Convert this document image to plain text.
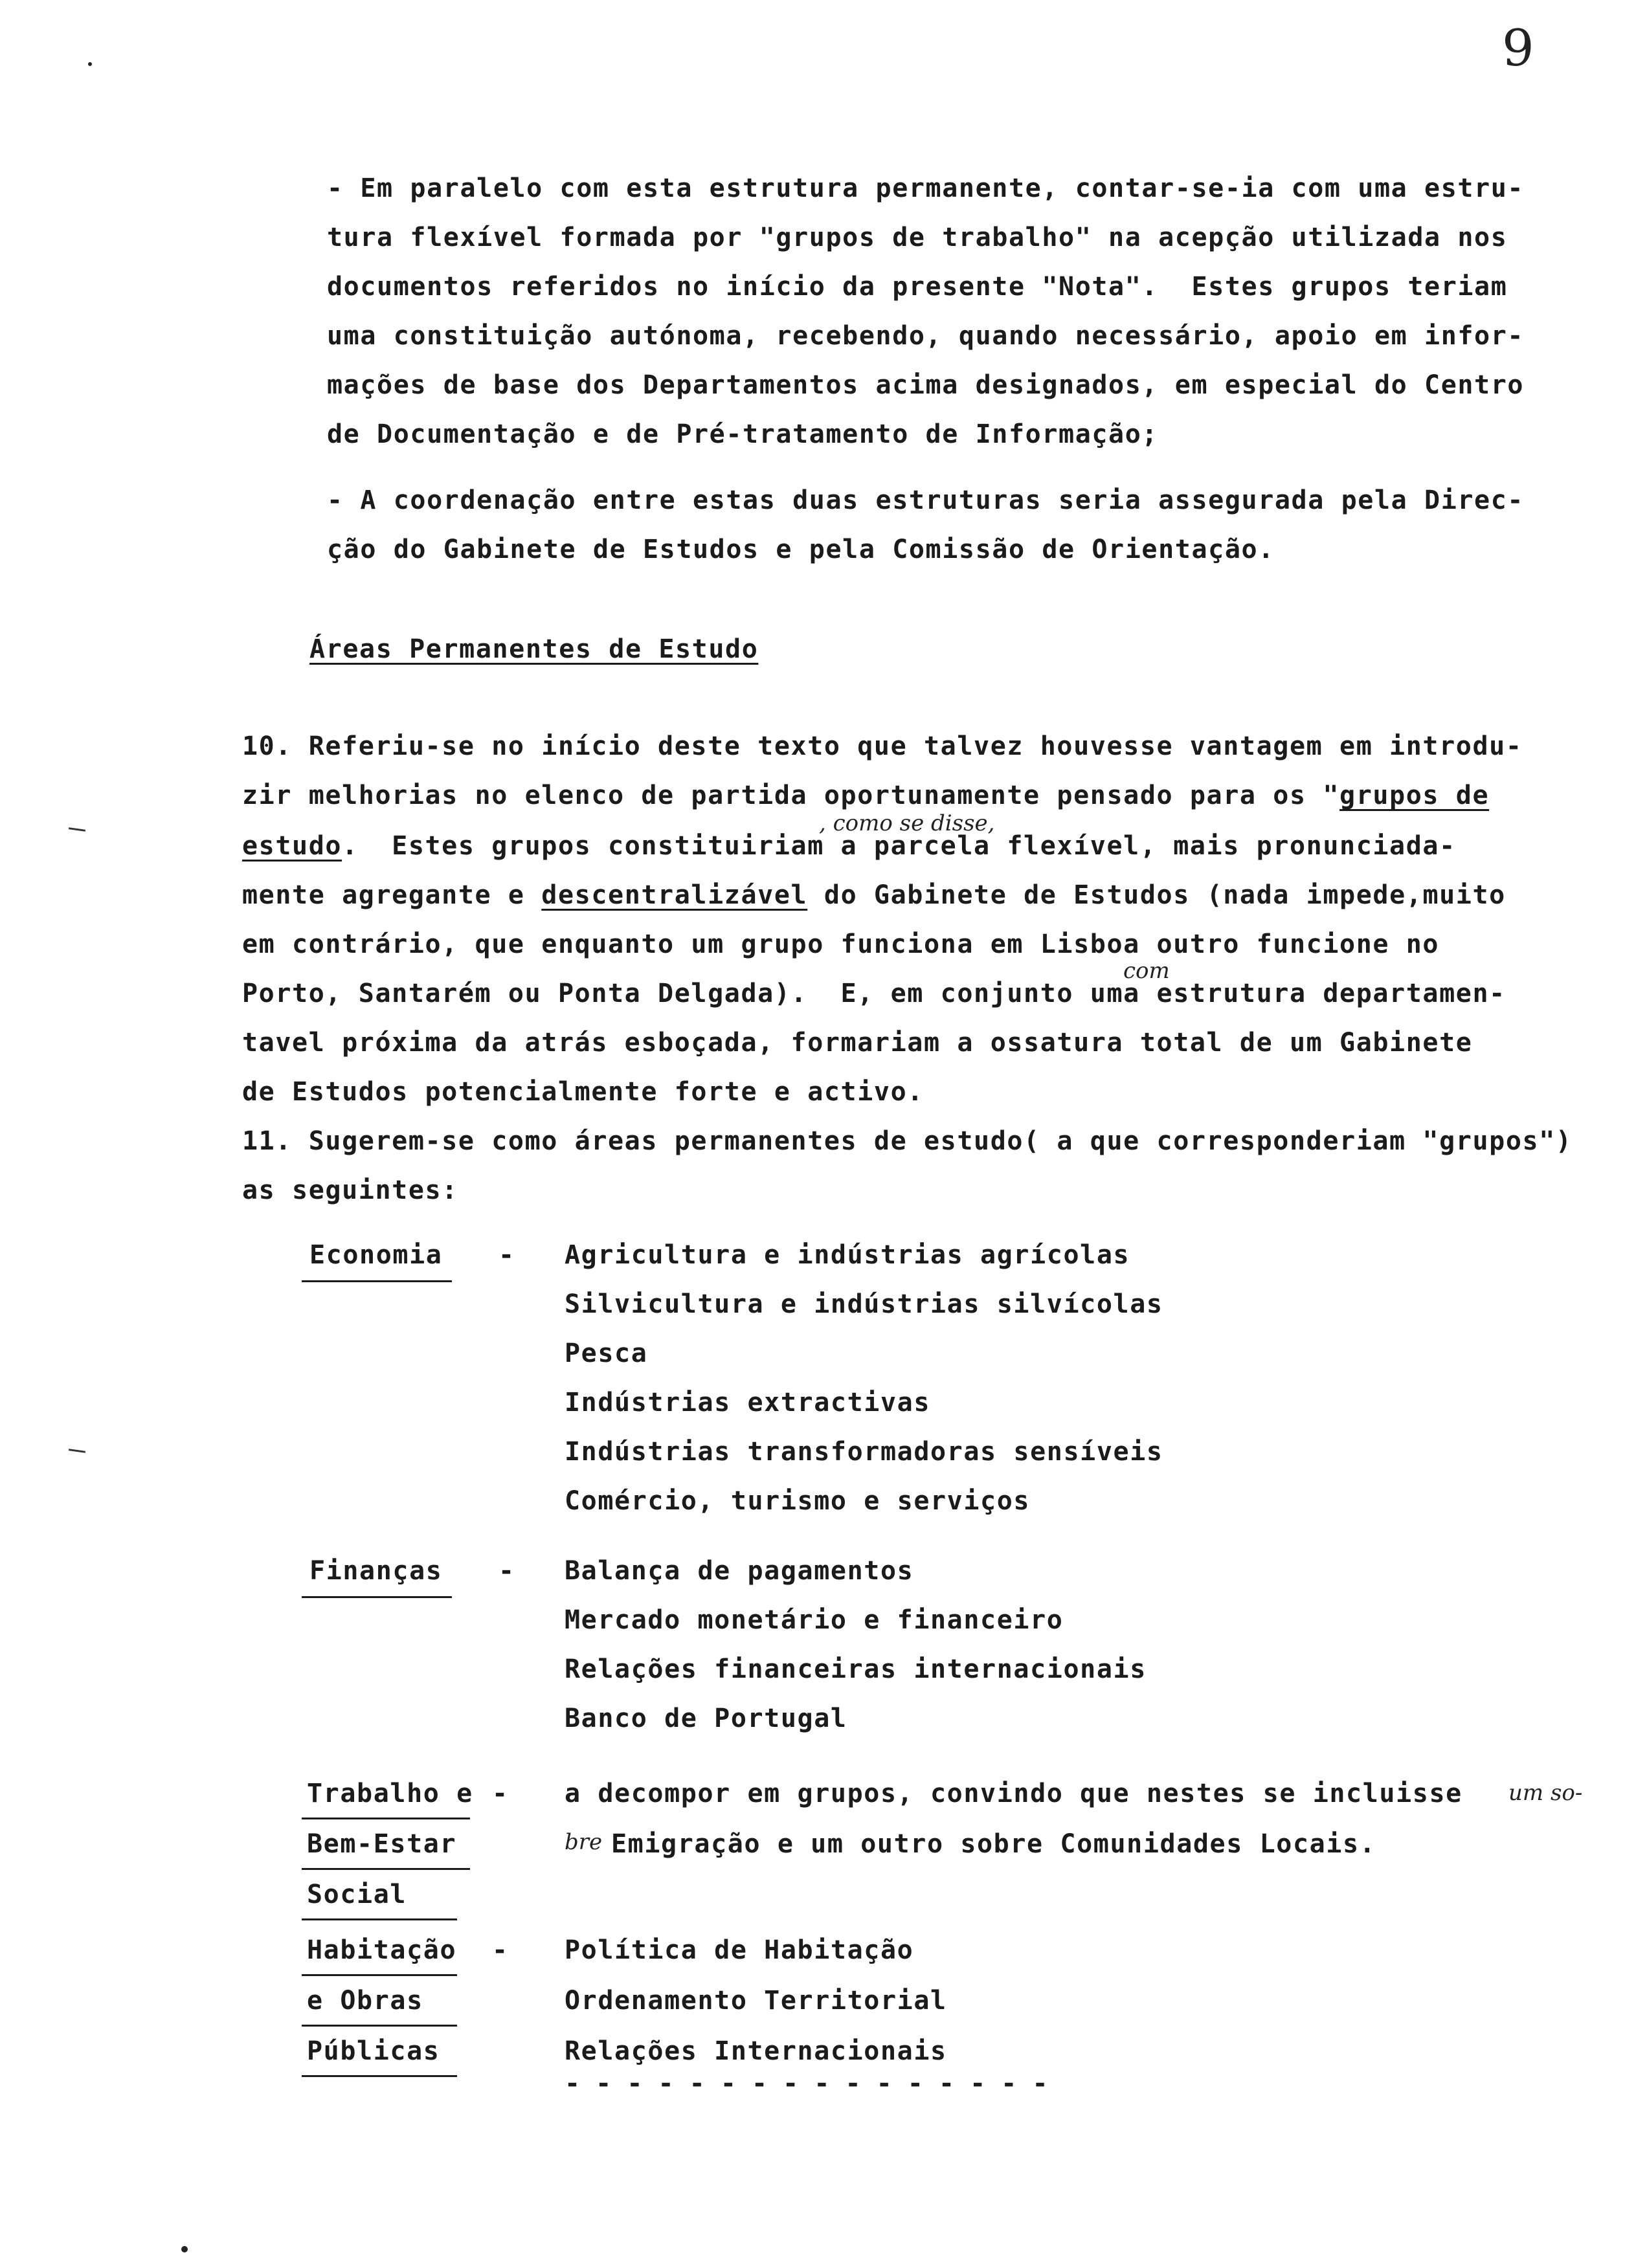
9
- Em paralelo com esta estrutura permanente, contar-se-ia com uma estru-
tura flexível formada por "grupos de trabalho" na acepção utilizada nos
documentos referidos no início da presente "Nota".  Estes grupos teriam
uma constituição autónoma, recebendo, quando necessário, apoio em infor-
mações de base dos Departamentos acima designados, em especial do Centro
de Documentação e de Pré-tratamento de Informação;
- A coordenação entre estas duas estruturas seria assegurada pela Direc-
ção do Gabinete de Estudos e pela Comissão de Orientação.
Áreas Permanentes de Estudo
10. Referiu-se no início deste texto que talvez houvesse vantagem em introdu-
zir melhorias no elenco de partida oportunamente pensado para os "grupos de
, como se disse,
estudo.  Estes grupos constituiriam a parcela flexível, mais pronunciada-
mente agregante e descentralizável do Gabinete de Estudos (nada impede,muito
em contrário, que enquanto um grupo funciona em Lisboa outro funcione no
com
Porto, Santarém ou Ponta Delgada).  E, em conjunto uma estrutura departamen-
tavel próxima da atrás esboçada, formariam a ossatura total de um Gabinete
de Estudos potencialmente forte e activo.
11. Sugerem-se como áreas permanentes de estudo( a que corresponderiam "grupos")
as seguintes:
Economia - Agricultura e indústrias agrícolas
Silvicultura e indústrias silvícolas
Pesca
Indústrias extractivas
Indústrias transformadoras sensíveis
Comércio, turismo e serviços
Finanças - Balança de pagamentos
Mercado monetário e financeiro
Relações financeiras internacionais
Banco de Portugal
Trabalho e
Bem-Estar
Social
- a decompor em grupos, convindo que nestes se incluisse um so-
bre Emigração e um outro sobre Comunidades Locais.
Habitação
e Obras
Públicas
- Política de Habitação
Ordenamento Territorial
Relações Internacionais
- - - - - - - - - - - - - - - -
